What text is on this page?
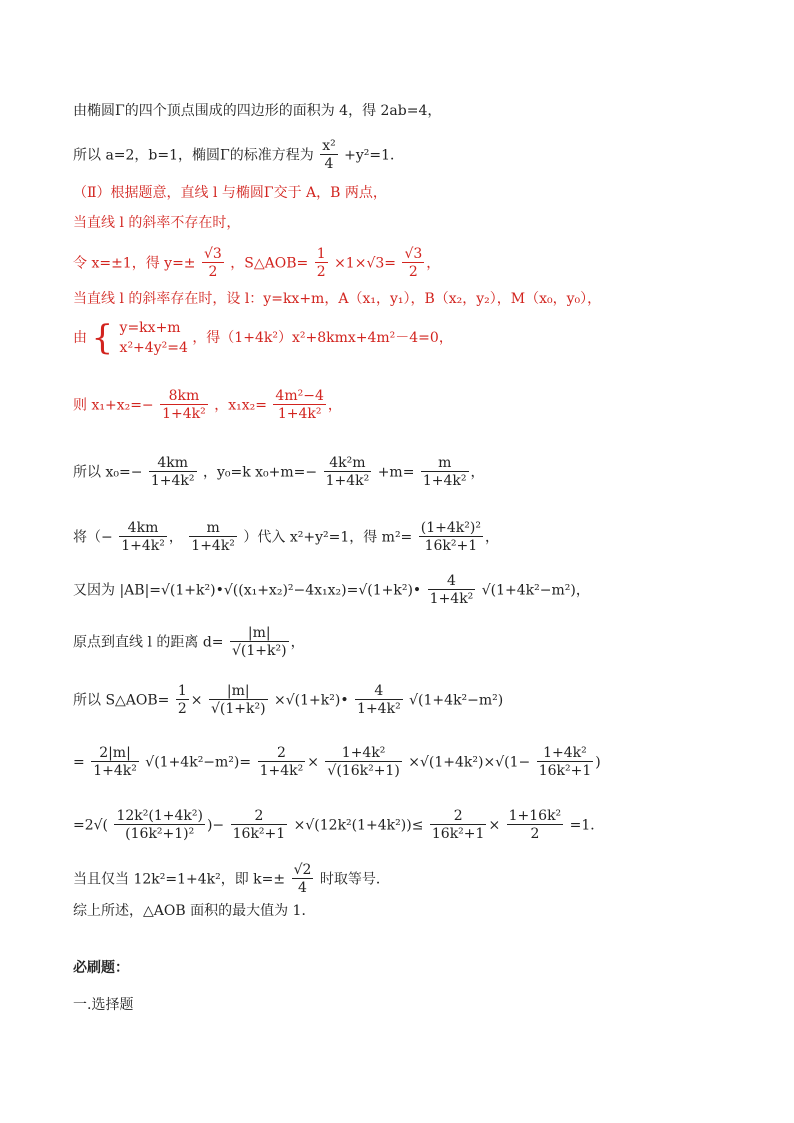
由椭圆Γ的四个顶点围成的四边形的面积为 4，得 2ab=4，
所以 a=2，b=1，椭圆Γ的标准方程为 $\frac{\text{x²}}{4} +y^2=1$．
（Ⅱ）根据题意，直线 l 与椭圆Γ交于 A，B 两点，
当直线 l 的斜率不存在时，
令 x=±1，得 $y=\pm \frac{√3}{2}$ ，S△AOB= $\frac{1}{2} \times 1\times√3= \frac{√3}{2}$ ，
当直线 l 的斜率存在时，设 l：y=kx+m，A（x₁，y₁），B（x₂，y₂），M（x₀，y₀），
由 { y=kx+m
x²+4y²=4 ，得（1+4k²）x²+8kmx+4m²－4=0，
则 $x_1+x_2=- \frac{8km}{\text{1+4k²}}$ ，$x_1x_2= \frac{\text{4m²−4}}{\text{1+4k²}}$ ，
所以 $x_0=- \frac{4km}{\text{1+4k²}}$ ，y₀=k $x_0+m=- \frac{\text{4k²m}}{\text{1+4k²}} +m= \frac{m}{\text{1+4k²}}$ ，
将（− $\frac{4km}{\text{1+4k²}}$ ， $\frac{m}{\text{1+4k²}}$ ）代入 x²+y²=1，得 $m^2= \frac{\text{(1+4k²)²}}{\text{16k²+1}}$ ，
又因为 |AB|=√(1+k²)•√((x₁+x₂)²−4x₁x₂)=√(1+k²)• $\frac{4}{\text{1+4k²}} √(1+4k^2-m^2)$，
原点到直线 l 的距离 $d= \frac{|m|}{\text{√(1+k²)}}$ ，
所以 S△AOB= $\frac{1}{2} \times \frac{|m|}{\text{√(1+k²)}}$ ×√(1+k²)• $\frac{4}{\text{1+4k²}} √(1+4k^2-m^2)$
= $\frac{2|m|}{\text{1+4k²}} √(1+4k^2-m^2)= \frac{2}{\text{1+4k²}} \times \frac{\text{1+4k²}}{\text{√(16k²+1)}} \times√(1+4k^2)\times√(1- \frac{\text{1+4k²}}{\text{16k²+1}}$ )
$=2√( \frac{\text{12k²(1+4k²)}}{\text{(16k²+1)²}}$ )− $\frac{2}{\text{16k²+1}} \times√(12k^2(1+4k^2))\le \frac{2}{\text{16k²+1}} \times \frac{\text{1+16k²}}{2} =1$．
当且仅当 12k²=1+4k²，即 $k=\pm \frac{√2}{4}$ 时取等号．
综上所述，△AOB 面积的最大值为 1．
必刷题：
一.选择题
